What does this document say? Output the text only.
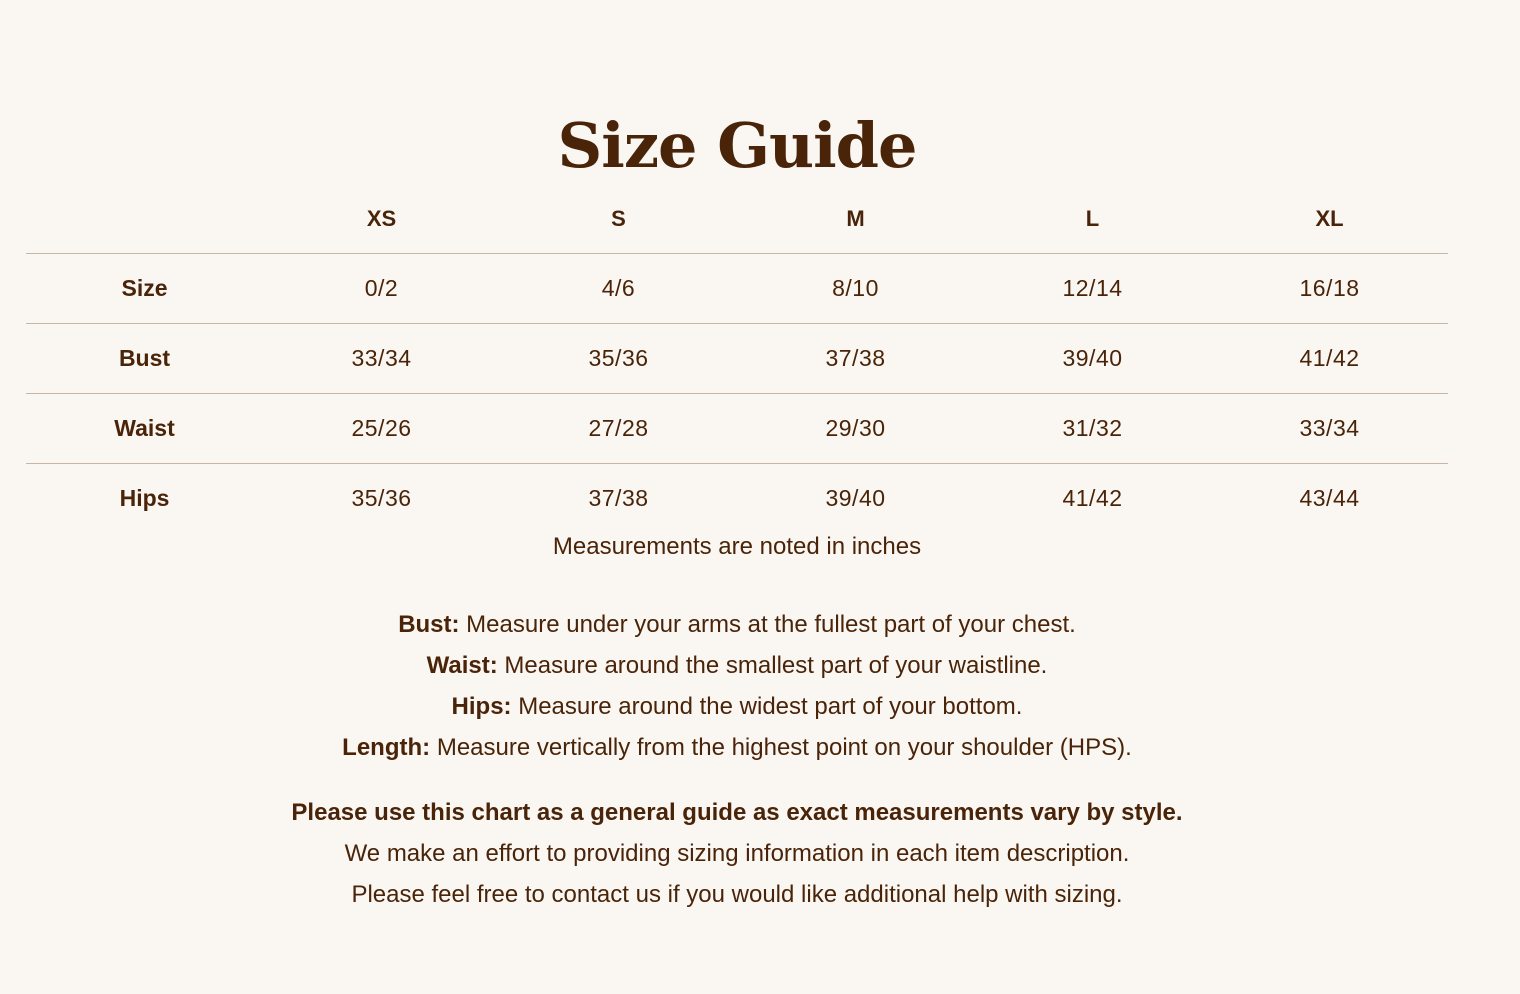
Size Guide
	XS	S	M	L	XL
Size	0/2	4/6	8/10	12/14	16/18
Bust	33/34	35/36	37/38	39/40	41/42
Waist	25/26	27/28	29/30	31/32	33/34
Hips	35/36	37/38	39/40	41/42	43/44
Measurements are noted in inches
Bust: Measure under your arms at the fullest part of your chest.
Waist: Measure around the smallest part of your waistline.
Hips: Measure around the widest part of your bottom.
Length: Measure vertically from the highest point on your shoulder (HPS).
Please use this chart as a general guide as exact measurements vary by style.
We make an effort to providing sizing information in each item description.
Please feel free to contact us if you would like additional help with sizing.
